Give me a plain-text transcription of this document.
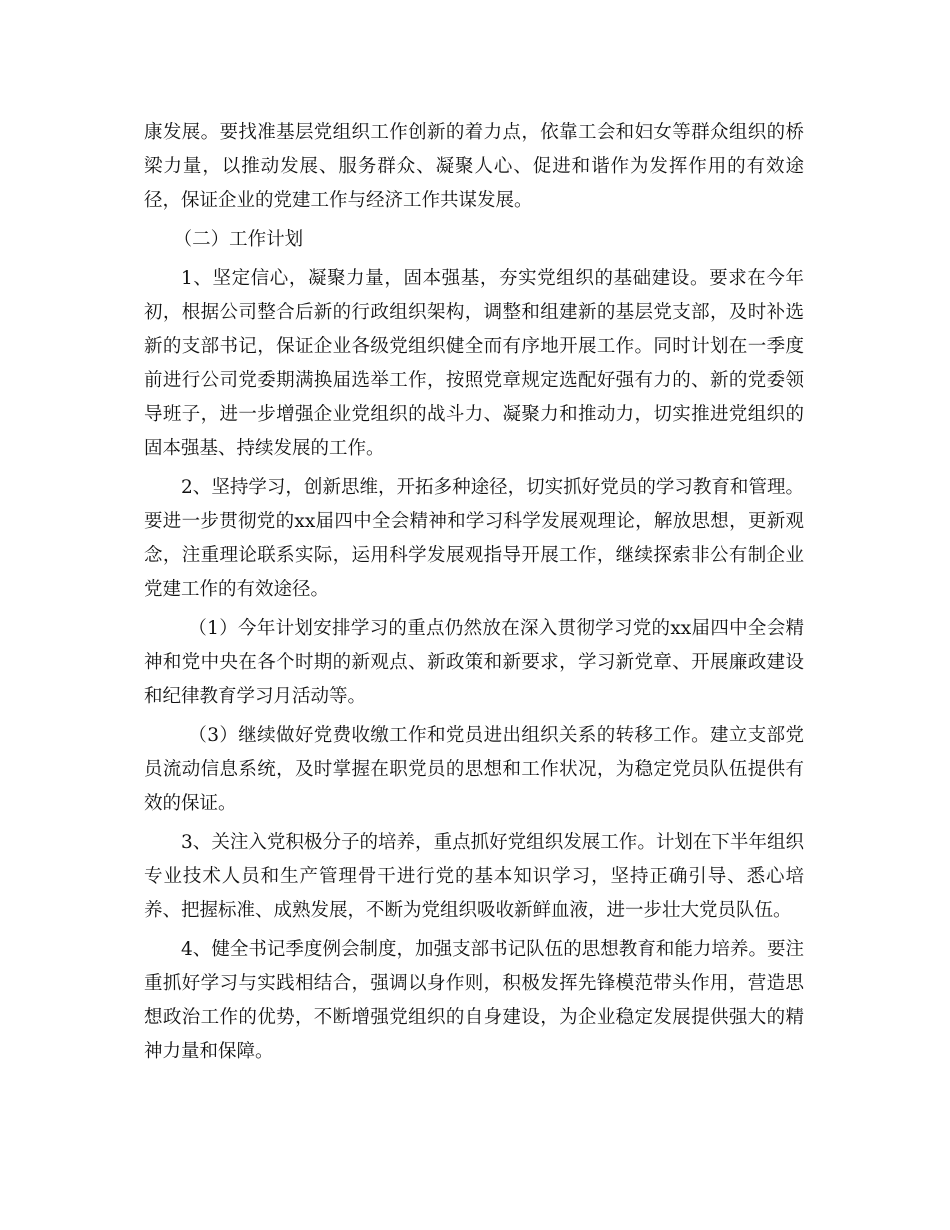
康发展。要找准基层党组织工作创新的着力点，依靠工会和妇女等群众组织的桥梁力量，以推动发展、服务群众、凝聚人心、促进和谐作为发挥作用的有效途径，保证企业的党建工作与经济工作共谋发展。

（二）工作计划

1、坚定信心，凝聚力量，固本强基，夯实党组织的基础建设。要求在今年初，根据公司整合后新的行政组织架构，调整和组建新的基层党支部，及时补选新的支部书记，保证企业各级党组织健全而有序地开展工作。同时计划在一季度前进行公司党委期满换届选举工作，按照党章规定选配好强有力的、新的党委领导班子，进一步增强企业党组织的战斗力、凝聚力和推动力，切实推进党组织的固本强基、持续发展的工作。

2、坚持学习，创新思维，开拓多种途径，切实抓好党员的学习教育和管理。要进一步贯彻党的xx届四中全会精神和学习科学发展观理论，解放思想，更新观念，注重理论联系实际，运用科学发展观指导开展工作，继续探索非公有制企业党建工作的有效途径。

（1）今年计划安排学习的重点仍然放在深入贯彻学习党的xx届四中全会精神和党中央在各个时期的新观点、新政策和新要求，学习新党章、开展廉政建设和纪律教育学习月活动等。

（3）继续做好党费收缴工作和党员进出组织关系的转移工作。建立支部党员流动信息系统，及时掌握在职党员的思想和工作状况，为稳定党员队伍提供有效的保证。

3、关注入党积极分子的培养，重点抓好党组织发展工作。计划在下半年组织专业技术人员和生产管理骨干进行党的基本知识学习，坚持正确引导、悉心培养、把握标准、成熟发展，不断为党组织吸收新鲜血液，进一步壮大党员队伍。

4、健全书记季度例会制度，加强支部书记队伍的思想教育和能力培养。要注重抓好学习与实践相结合，强调以身作则，积极发挥先锋模范带头作用，营造思想政治工作的优势，不断增强党组织的自身建设，为企业稳定发展提供强大的精神力量和保障。
